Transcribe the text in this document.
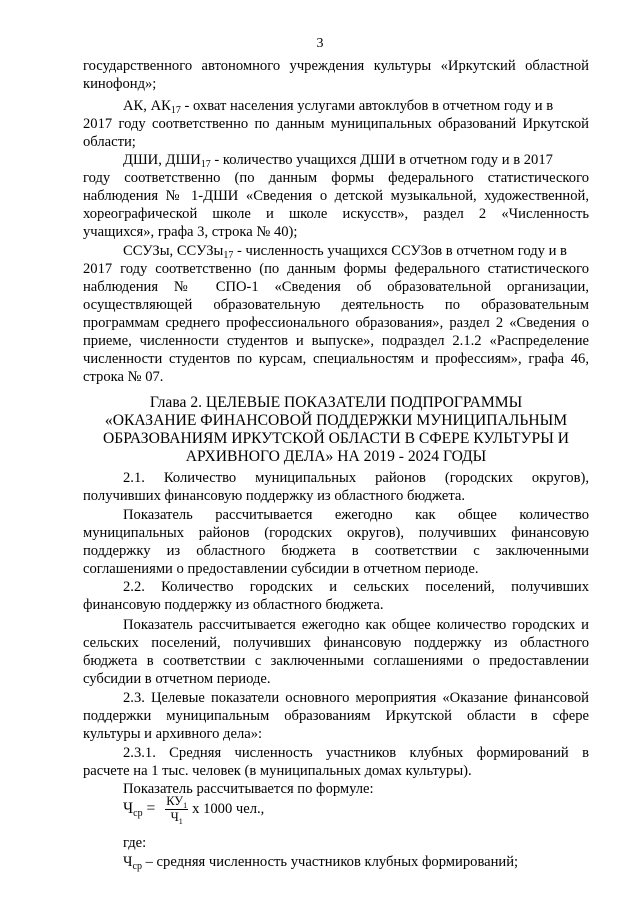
3
государственного автономного учреждения культуры «Иркутский областной
кинофонд»;
АК, $АК_{17}$ - охват населения услугами автоклубов в отчетном году и в
2017 году соответственно по данным муниципальных образований Иркутской
области;
ДШИ, $ДШИ_{17}$ - количество учащихся ДШИ в отчетном году и в 2017
году соответственно (по данным формы федерального статистического
наблюдения № 1-ДШИ «Сведения о детской музыкальной, художественной,
хореографической школе и школе искусств», раздел 2 «Численность
учащихся», графа 3, строка № 40);
ССУЗы, ССУЗы$_{17}$ - численность учащихся ССУЗов в отчетном году и в
2017 году соответственно (по данным формы федерального статистического
наблюдения № СПО-1 «Сведения об образовательной организации,
осуществляющей образовательную деятельность по образовательным
программам среднего профессионального образования», раздел 2 «Сведения о
приеме, численности студентов и выпуске», подраздел 2.1.2 «Распределение
численности студентов по курсам, специальностям и профессиям», графа 46,
строка № 07.
Глава 2. ЦЕЛЕВЫЕ ПОКАЗАТЕЛИ ПОДПРОГРАММЫ
«ОКАЗАНИЕ ФИНАНСОВОЙ ПОДДЕРЖКИ МУНИЦИПАЛЬНЫМ
ОБРАЗОВАНИЯМ ИРКУТСКОЙ ОБЛАСТИ В СФЕРЕ КУЛЬТУРЫ И
АРХИВНОГО ДЕЛА» НА 2019 - 2024 ГОДЫ
2.1. Количество муниципальных районов (городских округов),
получивших финансовую поддержку из областного бюджета.
Показатель рассчитывается ежегодно как общее количество
муниципальных районов (городских округов), получивших финансовую
поддержку из областного бюджета в соответствии с заключенными
соглашениями о предоставлении субсидии в отчетном периоде.
2.2. Количество городских и сельских поселений, получивших
финансовую поддержку из областного бюджета.
Показатель рассчитывается ежегодно как общее количество городских и
сельских поселений, получивших финансовую поддержку из областного
бюджета в соответствии с заключенными соглашениями о предоставлении
субсидии в отчетном периоде.
2.3. Целевые показатели основного мероприятия «Оказание финансовой
поддержки муниципальным образованиям Иркутской области в сфере
культуры и архивного дела»:
2.3.1. Средняя численность участников клубных формирований в
расчете на 1 тыс. человек (в муниципальных домах культуры).
Показатель рассчитывается по формуле:
$Ч_{ср} = \frac{КУ_1}{Ч_1}$ x 1000 чел.,
где:
$Ч_{ср}$ – средняя численность участников клубных формирований;
